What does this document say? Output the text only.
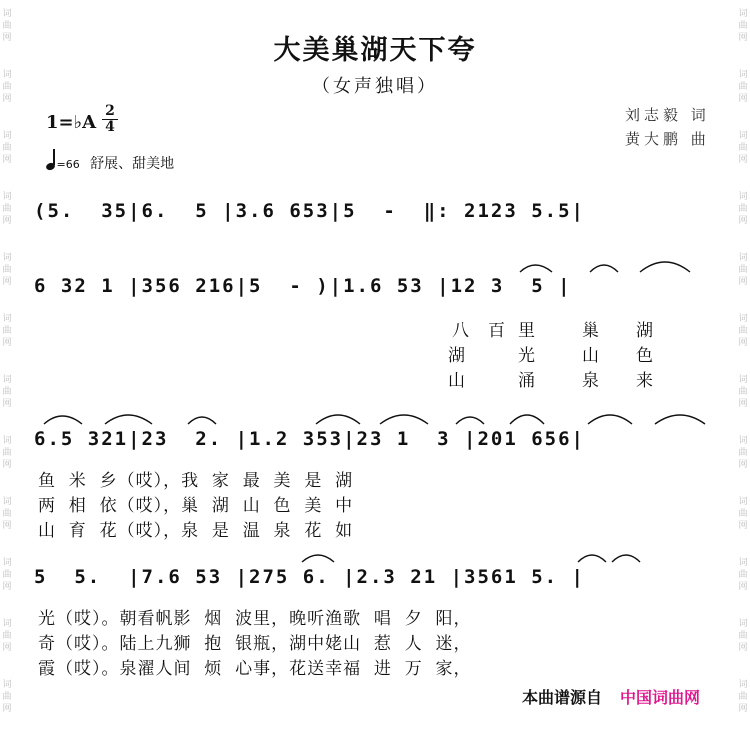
词曲网
词曲网
词曲网
词曲网
词曲网
词曲网
词曲网
词曲网
词曲网
词曲网
词曲网
词曲网
词曲网
词曲网
词曲网
词曲网
词曲网
词曲网
词曲网
词曲网
词曲网
词曲网
词曲网
词曲网
大美巢湖天下夸
（女声独唱）
1=♭A $\frac{2}{4}$
=66 舒展、甜美地
刘志毅 词
黄大鹏 曲
(5.  35|6.  5 |3.6 653|5  -  ‖: 2123 5.5|
6 32 1 |356 216|5  - )|1.6 53 |12 3  5 |
6.5 321|23  2. |1.2 353|23 1  3 |201 656|
5  5.  |7.6 53 |275 6. |2.3 21 |3561 5. |
八 百 里	巢 湖
湖	光	山 色
山	涌	泉 来
鱼  米  乡（哎），我  家  最  美  是  湖
两  相  依（哎），巢  湖  山  色  美  中
山  育  花（哎），泉  是  温  泉  花  如
光（哎）。朝看帆影  烟  波里，晚听渔歌  唱  夕  阳，
奇（哎）。陆上九狮  抱  银瓶，湖中姥山  惹  人  迷，
霞（哎）。泉濯人间  烦  心事，花送幸福  进  万  家，
本曲谱源自 中国词曲网
